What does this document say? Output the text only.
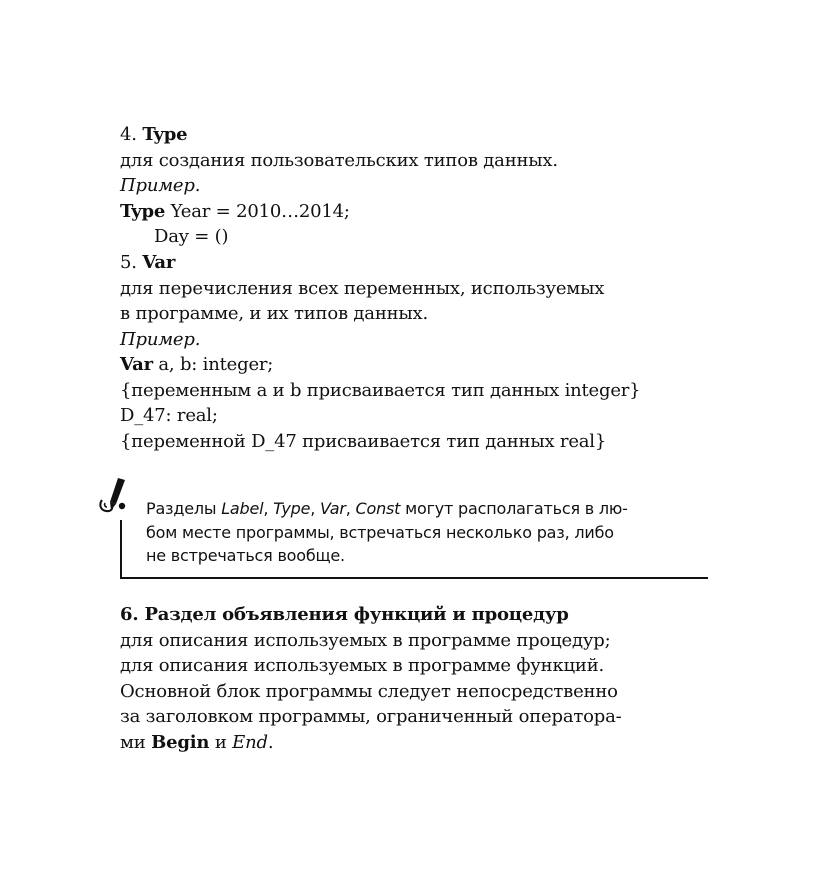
4. Type
для создания пользовательских типов данных.
Пример.
Type Year = 2010…2014;
Day = ()
5. Var
для перечисления всех переменных, используемых
в программе, и их типов данных.
Пример.
Var a, b: integer;
{переменным a и b присваивается тип данных integer}
D_47: real;
{переменной D_47 присваивается тип данных real}
Разделы Label, Type, Var, Const могут располагаться в лю-
бом месте программы, встречаться несколько раз, либо
не встречаться вообще.
6. Раздел объявления функций и процедур
для описания используемых в программе процедур;
для описания используемых в программе функций.
Основной блок программы следует непосредственно
за заголовком программы, ограниченный оператора-
ми Begin и End.
